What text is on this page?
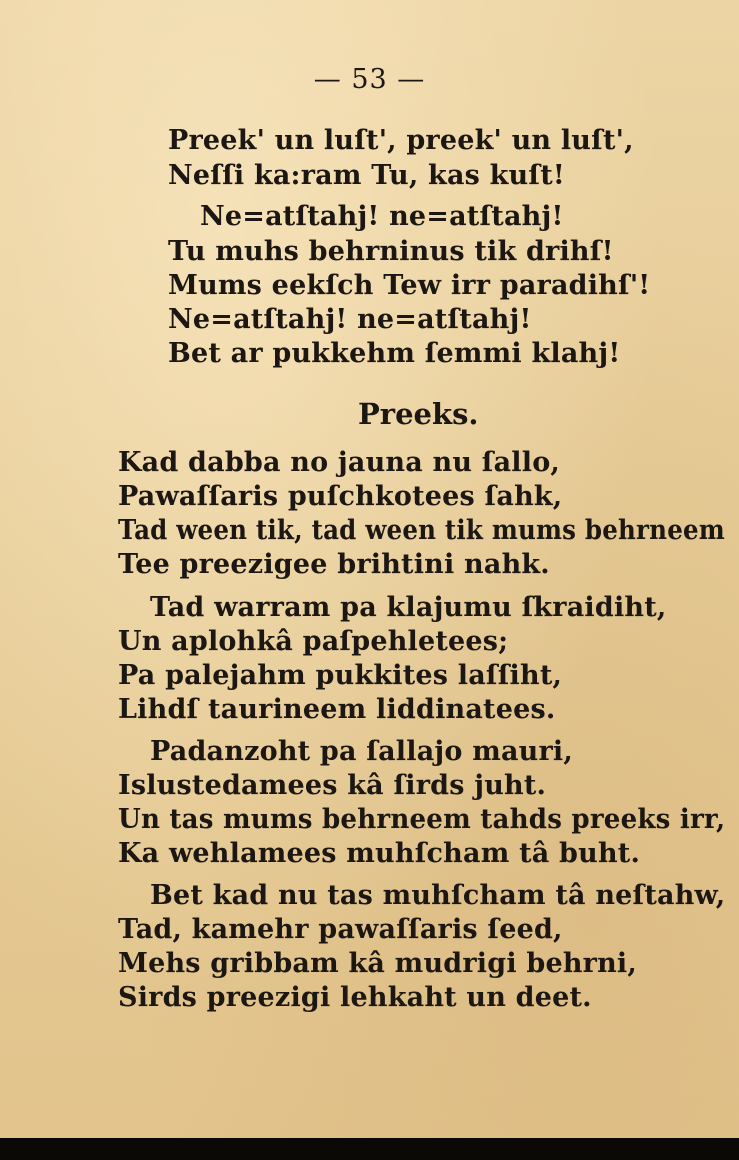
— 53 —
Preek' un luſt', preek' un luſt',
Neſſi ka:ram Tu, kas kuſt!
Ne=atſtahj! ne=atſtahj!
Tu muhs behrninus tik drihſ!
Mums eekſch Tew irr paradihſ'!
Ne=atſtahj! ne=atſtahj!
Bet ar pukkehm ſemmi klahj!
Preeks.
Kad dabba no jauna nu ſallo,
Pawaſſaris puſchkotees ſahk,
Tad ween tik, tad ween tik mums behrneem
Tee preezigee brihtini nahk.
Tad warram pa klajumu ſkraidiht,
Un aplohkâ paſpehletees;
Pa palejahm pukkites laſſiht,
Lihdſ taurineem liddinatees.
Padanzoht pa ſallajo mauri,
Islustedamees kâ ſirds juht.
Un tas mums behrneem tahds preeks irr,
Ka wehlamees muhſcham tâ buht.
Bet kad nu tas muhſcham tâ neſtahw,
Tad, kamehr pawaſſaris ſeed,
Mehs gribbam kâ mudrigi behrni,
Sirds preezigi lehkaht un deet.
